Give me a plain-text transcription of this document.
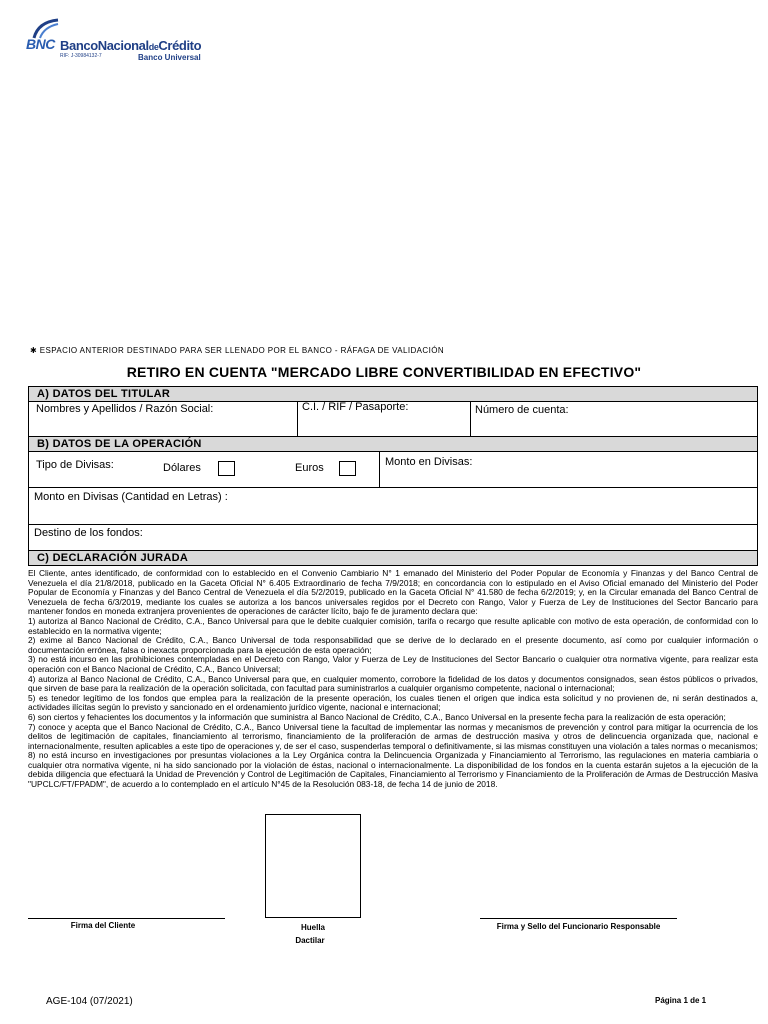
BNC BancoNacionaldeCrédito
RIF: J-30984132-7	Banco Universal
✱ ESPACIO ANTERIOR DESTINADO PARA SER LLENADO POR EL BANCO - RÁFAGA DE VALIDACIÓN
RETIRO EN CUENTA "MERCADO LIBRE CONVERTIBILIDAD EN EFECTIVO"
A) DATOS DEL TITULAR
Nombres y Apellidos / Razón Social:	C.I. / RIF / Pasaporte:	Número de cuenta:
B) DATOS DE LA OPERACIÓN
Tipo de Divisas:	Dólares	Euros	Monto en Divisas:
Monto en Divisas (Cantidad en Letras) :
Destino de los fondos:
C) DECLARACIÓN JURADA

El Cliente, antes identificado, de conformidad con lo establecido en el Convenio Cambiario N° 1 emanado del Ministerio del Poder Popular de Economía y Finanzas y del Banco Central de Venezuela el día 21/8/2018, publicado en la Gaceta Oficial N° 6.405 Extraordinario de fecha 7/9/2018; en concordancia con lo estipulado en el Aviso Oficial emanado del Ministerio del Poder Popular de Economía y Finanzas y del Banco Central de Venezuela el día 5/2/2019, publicado en la Gaceta Oficial N° 41.580 de fecha 6/2/2019; y, en la Circular emanada del Banco Central de Venezuela de fecha 6/3/2019, mediante los cuales se autoriza a los bancos universales regidos por el Decreto con Rango, Valor y Fuerza de Ley de Instituciones del Sector Bancario para mantener fondos en moneda extranjera provenientes de operaciones de carácter lícito, bajo fe de juramento declara que:

1) autoriza al Banco Nacional de Crédito, C.A., Banco Universal para que le debite cualquier comisión, tarifa o recargo que resulte aplicable con motivo de esta operación, de conformidad con lo establecido en la normativa vigente;

2) exime al Banco Nacional de Crédito, C.A., Banco Universal de toda responsabilidad que se derive de lo declarado en el presente documento, así como por cualquier información o documentación errónea, falsa o inexacta proporcionada para la ejecución de esta operación;

3) no está incurso en las prohibiciones contempladas en el Decreto con Rango, Valor y Fuerza de Ley de Instituciones del Sector Bancario o cualquier otra normativa vigente, para realizar esta operación con el Banco Nacional de Crédito, C.A., Banco Universal;

4) autoriza al Banco Nacional de Crédito, C.A., Banco Universal para que, en cualquier momento, corrobore la fidelidad de los datos y documentos consignados, sean éstos públicos o privados, que sirven de base para la realización de la operación solicitada, con facultad para suministrarlos a cualquier organismo competente, nacional o internacional;

5) es tenedor legítimo de los fondos que emplea para la realización de la presente operación, los cuales tienen el origen que indica esta solicitud y no provienen de, ni serán destinados a, actividades ilícitas según lo previsto y sancionado en el ordenamiento jurídico vigente, nacional e internacional;

6) son ciertos y fehacientes los documentos y la información que suministra al Banco Nacional de Crédito, C.A., Banco Universal en la presente fecha para la realización de esta operación;

7) conoce y acepta que el Banco Nacional de Crédito, C.A., Banco Universal tiene la facultad de implementar las normas y mecanismos de prevención y control para mitigar la ocurrencia de los delitos de legitimación de capitales, financiamiento al terrorismo, financiamiento de la proliferación de armas de destrucción masiva y otros de delincuencia organizada que, nacional e internacionalmente, resulten aplicables a este tipo de operaciones y, de ser el caso, suspenderlas temporal o definitivamente, si las mismas constituyen una violación a tales normas o mecanismos;

8) no está incurso en investigaciones por presuntas violaciones a la Ley Orgánica contra la Delincuencia Organizada y Financiamiento al Terrorismo, las regulaciones en materia cambiaria o cualquier otra normativa vigente, ni ha sido sancionado por la violación de éstas, nacional o internacionalmente. La disponibilidad de los fondos en la cuenta estarán sujetos a la ejecución de la debida diligencia que efectuará la Unidad de Prevención y Control de Legitimación de Capitales, Financiamiento al Terrorismo y Financiamiento de la Proliferación de Armas de Destrucción Masiva "UPCLC/FT/FPADM", de acuerdo a lo contemplado en el artículo N°45 de la Resolución 083-18, de fecha 14 de junio de 2018.

Firma del Cliente	Huella
Dactilar
Firma y Sello del Funcionario Responsable
AGE-104 (07/2021)	Página 1 de 1
